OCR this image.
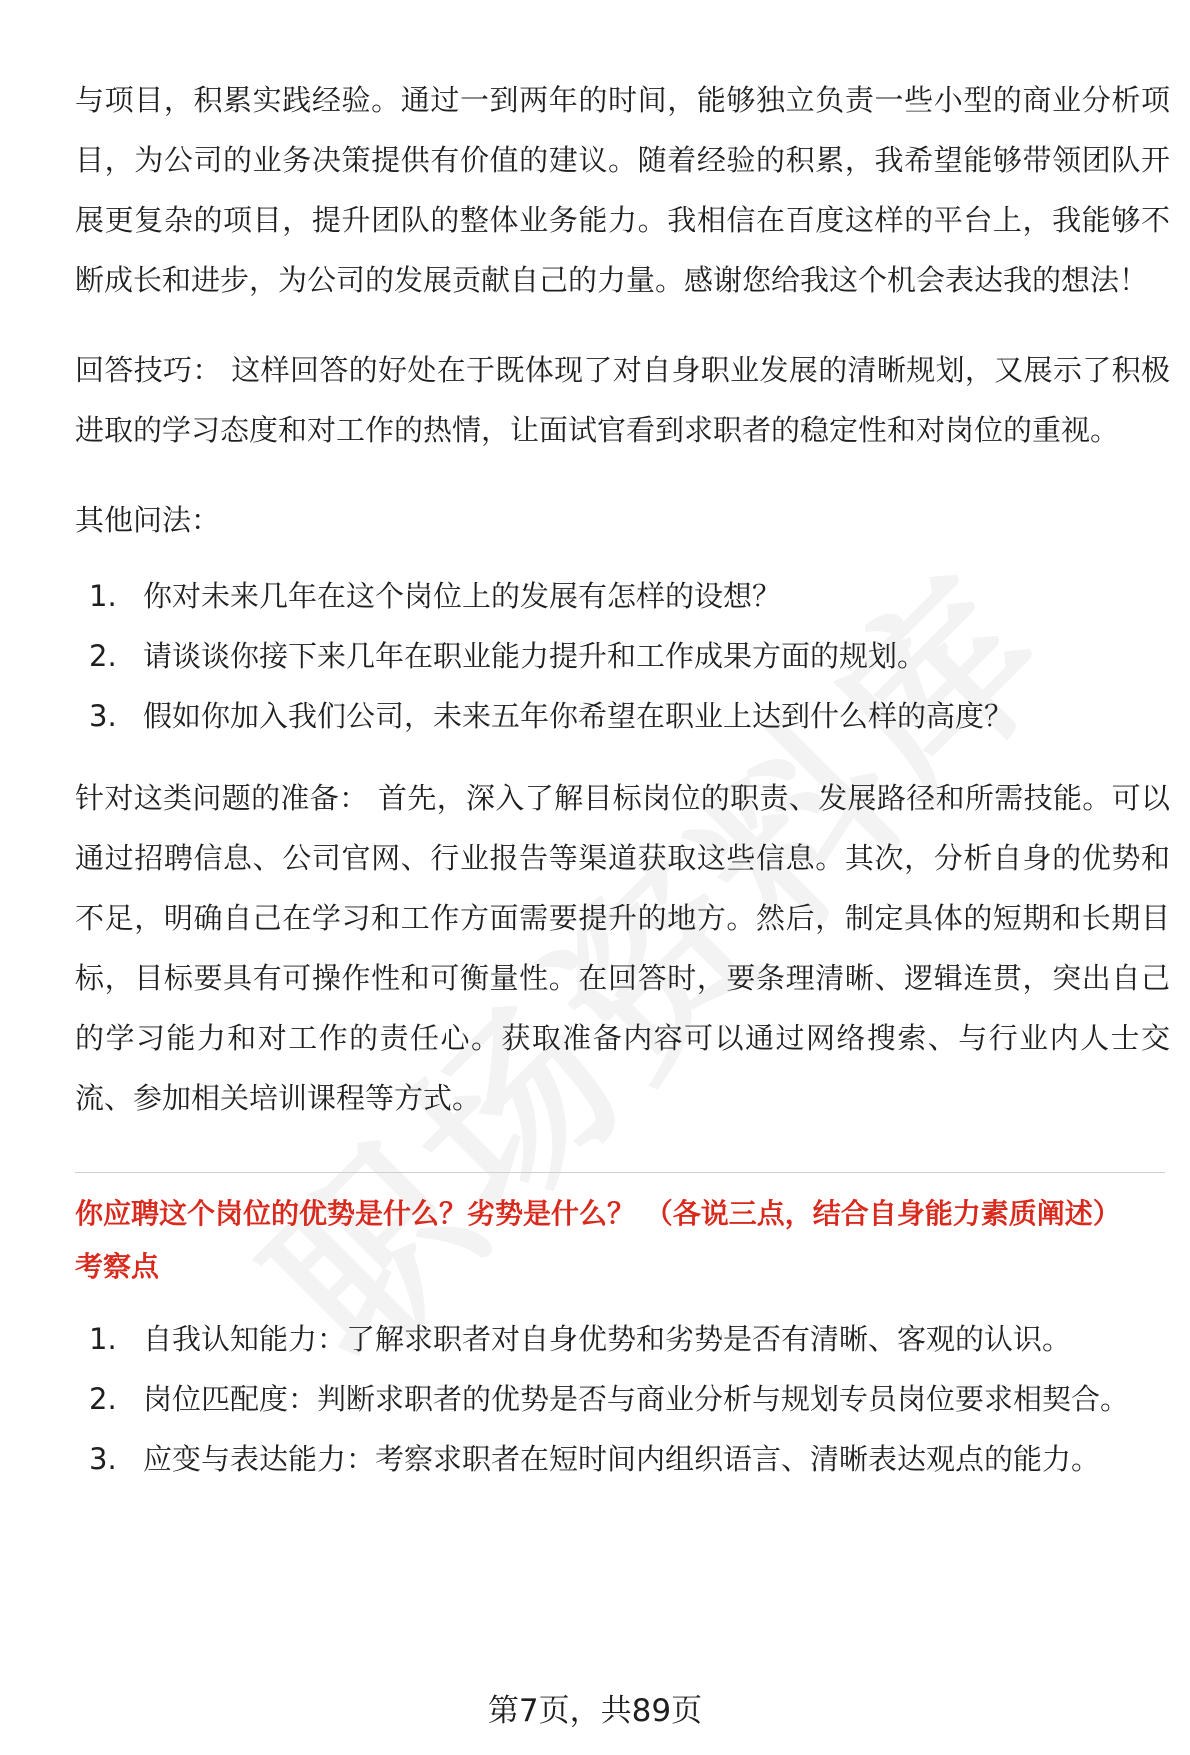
与项目，积累实践经验。通过一到两年的时间，能够独立负责一些小型的商业分析项目，为公司的业务决策提供有价值的建议。随着经验的积累，我希望能够带领团队开展更复杂的项目，提升团队的整体业务能力。我相信在百度这样的平台上，我能够不断成长和进步，为公司的发展贡献自己的力量。感谢您给我这个机会表达我的想法！

回答技巧： 这样回答的好处在于既体现了对自身职业发展的清晰规划，又展示了积极进取的学习态度和对工作的热情，让面试官看到求职者的稳定性和对岗位的重视。

其他问法：

1. 你对未来几年在这个岗位上的发展有怎样的设想？
2. 请谈谈你接下来几年在职业能力提升和工作成果方面的规划。
3. 假如你加入我们公司，未来五年你希望在职业上达到什么样的高度？

针对这类问题的准备： 首先，深入了解目标岗位的职责、发展路径和所需技能。可以通过招聘信息、公司官网、行业报告等渠道获取这些信息。其次，分析自身的优势和不足，明确自己在学习和工作方面需要提升的地方。然后，制定具体的短期和长期目标，目标要具有可操作性和可衡量性。在回答时，要条理清晰、逻辑连贯，突出自己的学习能力和对工作的责任心。获取准备内容可以通过网络搜索、与行业内人士交流、参加相关培训课程等方式。

你应聘这个岗位的优势是什么？劣势是什么？ （各说三点，结合自身能力素质阐述）

考察点

1. 自我认知能力：了解求职者对自身优势和劣势是否有清晰、客观的认识。
2. 岗位匹配度：判断求职者的优势是否与商业分析与规划专员岗位要求相契合。
3. 应变与表达能力：考察求职者在短时间内组织语言、清晰表达观点的能力。
第7页，共89页
